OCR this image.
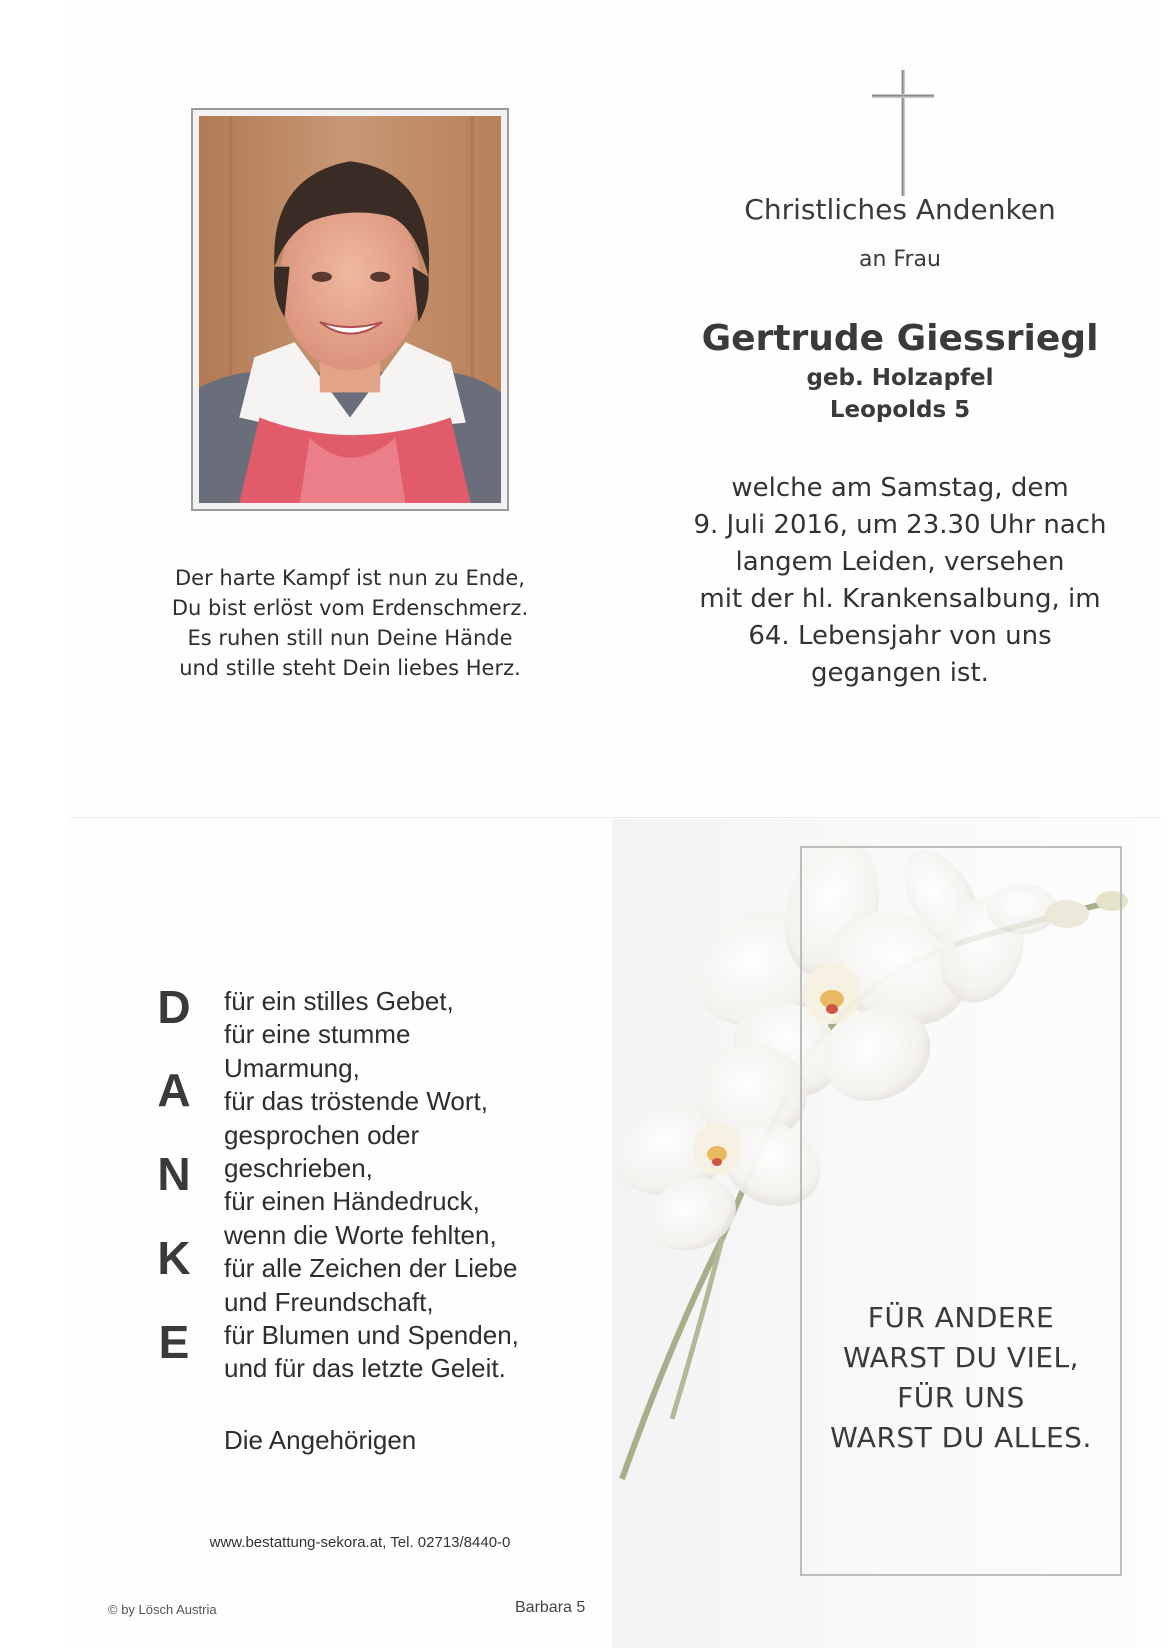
Der harte Kampf ist nun zu Ende,
Du bist erlöst vom Erdenschmerz.
Es ruhen still nun Deine Hände
und stille steht Dein liebes Herz.
Christliches Andenken
an Frau
Gertrude Giessriegl
geb. Holzapfel
Leopolds 5
welche am Samstag, dem
9. Juli 2016, um 23.30 Uhr nach
langem Leiden, versehen
mit der hl. Krankensalbung, im
64. Lebensjahr von uns
gegangen ist.
D
A
N
K
E
für ein stilles Gebet,
für eine stumme
Umarmung,
für das tröstende Wort,
gesprochen oder
geschrieben,
für einen Händedruck,
wenn die Worte fehlten,
für alle Zeichen der Liebe
und Freundschaft,
für Blumen und Spenden,
und für das letzte Geleit.
Die Angehörigen
www.bestattung-sekora.at, Tel. 02713/8440-0
© by Lösch Austria	Barbara 5
FÜR ANDERE
WARST DU VIEL,
FÜR UNS
WARST DU ALLES.
